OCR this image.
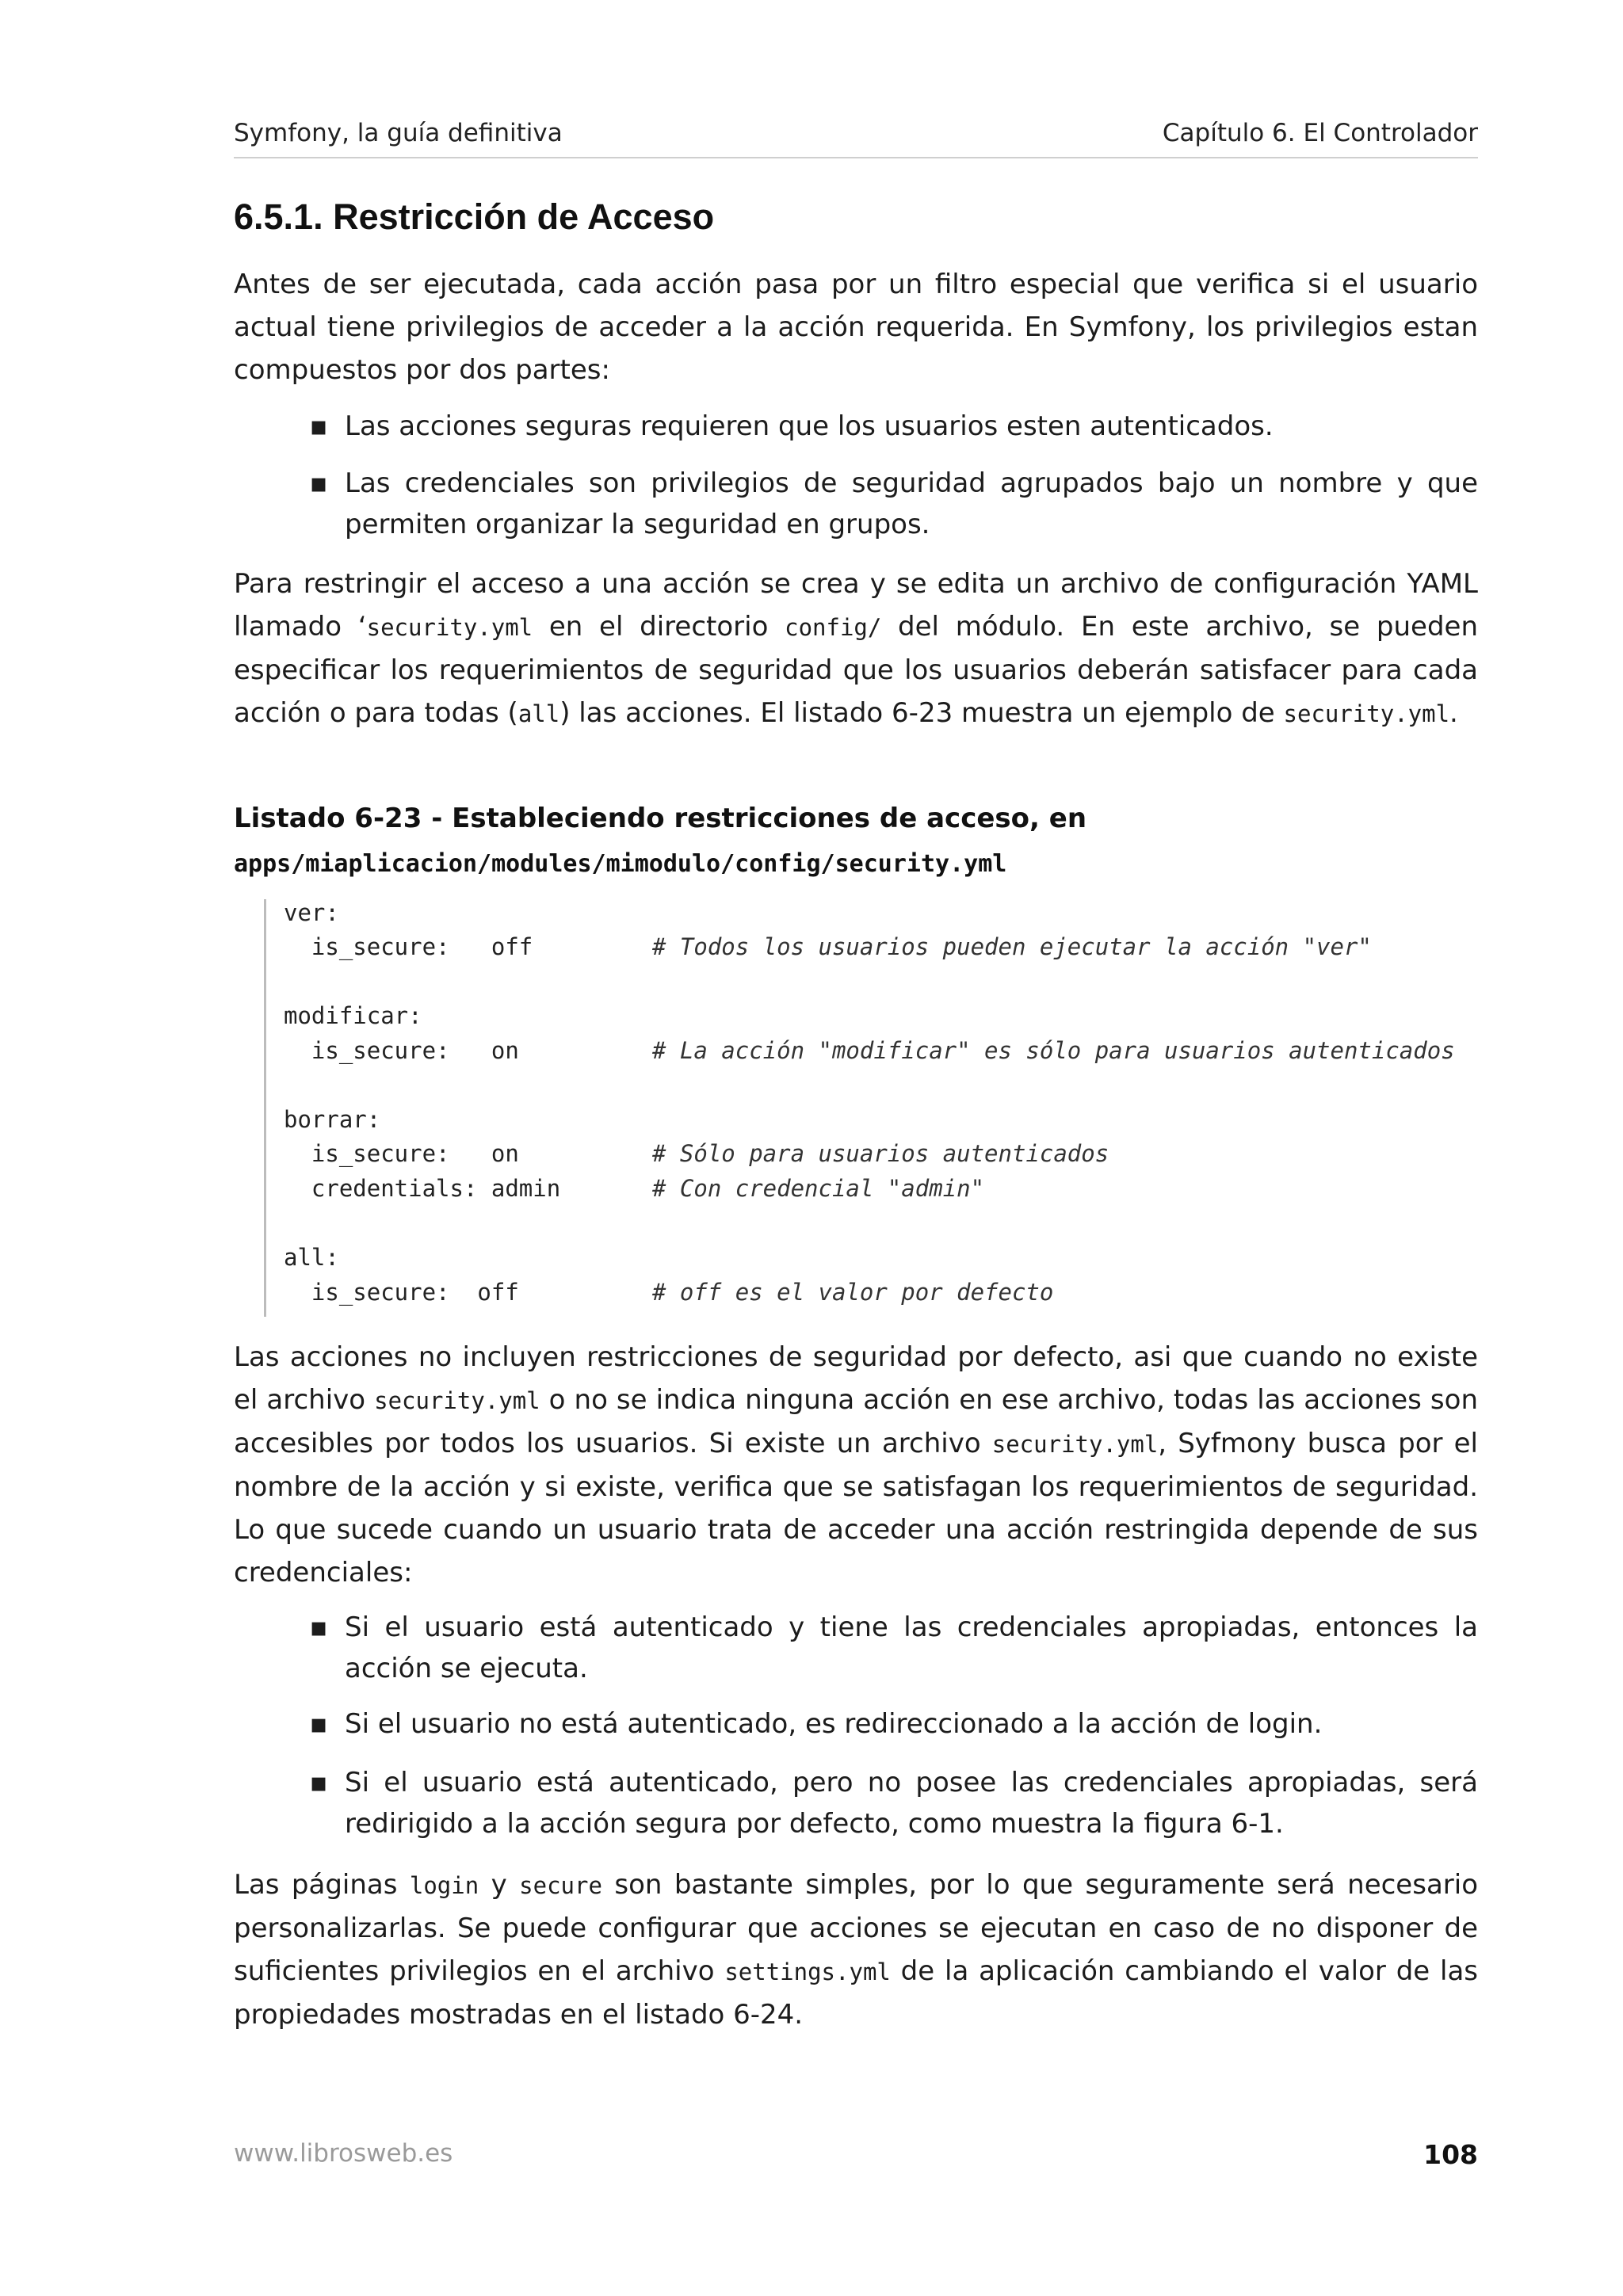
Symfony, la guía definitiva	Capítulo 6. El Controlador
6.5.1. Restricción de Acceso

Antes de ser ejecutada, cada acción pasa por un filtro especial que verifica si el usuario actual tiene privilegios de acceder a la acción requerida. En Symfony, los privilegios estan compuestos por dos partes:

▪ Las acciones seguras requieren que los usuarios esten autenticados.
▪ Las credenciales son privilegios de seguridad agrupados bajo un nombre y que permiten organizar la seguridad en grupos.

Para restringir el acceso a una acción se crea y se edita un archivo de configuración YAML llamado ‘security.yml en el directorio config/ del módulo. En este archivo, se pueden especificar los requerimientos de seguridad que los usuarios deberán satisfacer para cada acción o para todas (all) las acciones. El listado 6-23 muestra un ejemplo de security.yml.

Listado 6-23 - Estableciendo restricciones de acceso, en apps/miaplicacion/modules/mimodulo/config/security.yml
ver:
is_secure:   off	# Todos los usuarios pueden ejecutar la acción "ver"
modificar:
is_secure:   on	# La acción "modificar" es sólo para usuarios autenticados
borrar:
is_secure:   on	# Sólo para usuarios autenticados
credentials: admin	# Con credencial "admin"
all:
is_secure:  off	# off es el valor por defecto

Las acciones no incluyen restricciones de seguridad por defecto, asi que cuando no existe el archivo security.yml o no se indica ninguna acción en ese archivo, todas las acciones son accesibles por todos los usuarios. Si existe un archivo security.yml, Syfmony busca por el nombre de la acción y si existe, verifica que se satisfagan los requerimientos de seguridad. Lo que sucede cuando un usuario trata de acceder una acción restringida depende de sus credenciales:

▪ Si el usuario está autenticado y tiene las credenciales apropiadas, entonces la acción se ejecuta.
▪ Si el usuario no está autenticado, es redireccionado a la acción de login.
▪ Si el usuario está autenticado, pero no posee las credenciales apropiadas, será redirigido a la acción segura por defecto, como muestra la figura 6-1.

Las páginas login y secure son bastante simples, por lo que seguramente será necesario personalizarlas. Se puede configurar que acciones se ejecutan en caso de no disponer de suficientes privilegios en el archivo settings.yml de la aplicación cambiando el valor de las propiedades mostradas en el listado 6-24.

www.librosweb.es	108
